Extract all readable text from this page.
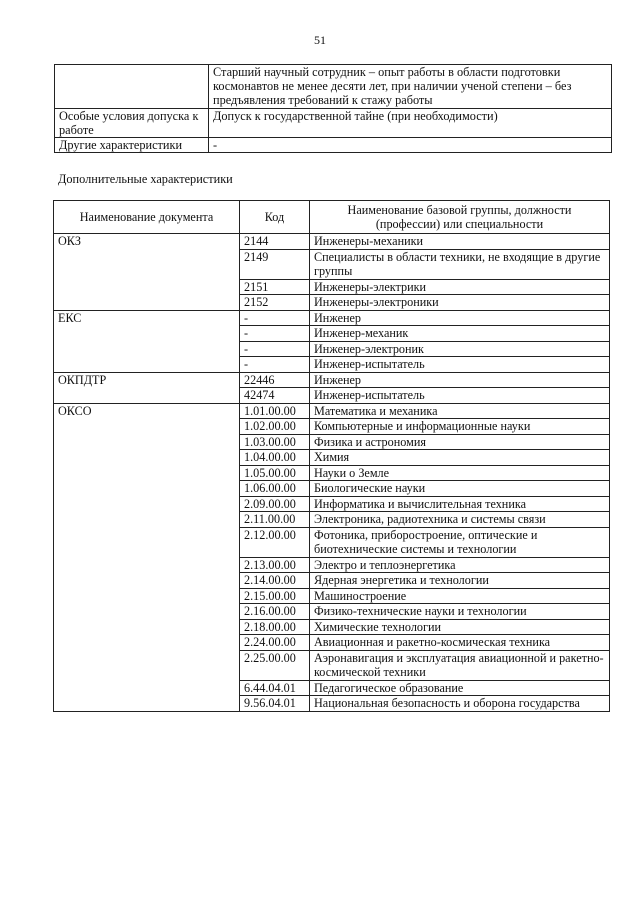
51
	Старший научный сотрудник – опыт работы в области подготовки космонавтов не менее десяти лет, при наличии ученой степени – без предъявления требований к стажу работы
Особые условия допуска к работе	Допуск к государственной тайне (при необходимости)
Другие характеристики	-
Дополнительные характеристики
Наименование документа	Код	Наименование базовой группы, должности (профессии) или специальности
ОКЗ	2144	Инженеры-механики
	2149	Специалисты в области техники, не входящие в другие группы
	2151	Инженеры-электрики
	2152	Инженеры-электроники
ЕКС	-	Инженер
	-	Инженер-механик
	-	Инженер-электроник
	-	Инженер-испытатель
ОКПДТР	22446	Инженер
	42474	Инженер-испытатель
ОКСО	1.01.00.00	Математика и механика
	1.02.00.00	Компьютерные и информационные науки
	1.03.00.00	Физика и астрономия
	1.04.00.00	Химия
	1.05.00.00	Науки о Земле
	1.06.00.00	Биологические науки
	2.09.00.00	Информатика и вычислительная техника
	2.11.00.00	Электроника, радиотехника и системы связи
	2.12.00.00	Фотоника, приборостроение, оптические и биотехнические системы и технологии
	2.13.00.00	Электро и теплоэнергетика
	2.14.00.00	Ядерная энергетика и технологии
	2.15.00.00	Машиностроение
	2.16.00.00	Физико-технические науки и технологии
	2.18.00.00	Химические технологии
	2.24.00.00	Авиационная и ракетно-космическая техника
	2.25.00.00	Аэронавигация и эксплуатация авиационной и ракетно-космической техники
	6.44.04.01	Педагогическое образование
	9.56.04.01	Национальная безопасность и оборона государства
